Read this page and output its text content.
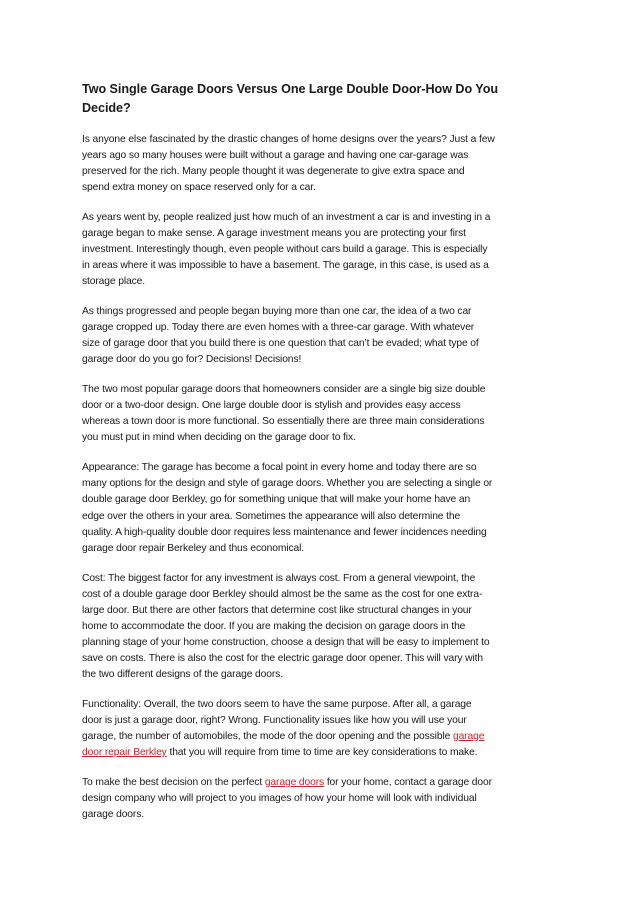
Two Single Garage Doors Versus One Large Double Door-How Do You
Decide?
Is anyone else fascinated by the drastic changes of home designs over the years? Just a few
years ago so many houses were built without a garage and having one car-garage was
preserved for the rich. Many people thought it was degenerate to give extra space and
spend extra money on space reserved only for a car.
As years went by, people realized just how much of an investment a car is and investing in a
garage began to make sense. A garage investment means you are protecting your first
investment. Interestingly though, even people without cars build a garage. This is especially
in areas where it was impossible to have a basement. The garage, in this case, is used as a
storage place.
As things progressed and people began buying more than one car, the idea of a two car
garage cropped up. Today there are even homes with a three-car garage. With whatever
size of garage door that you build there is one question that can’t be evaded; what type of
garage door do you go for? Decisions! Decisions!
The two most popular garage doors that homeowners consider are a single big size double
door or a two-door design. One large double door is stylish and provides easy access
whereas a town door is more functional. So essentially there are three main considerations
you must put in mind when deciding on the garage door to fix.
Appearance: The garage has become a focal point in every home and today there are so
many options for the design and style of garage doors. Whether you are selecting a single or
double garage door Berkley, go for something unique that will make your home have an
edge over the others in your area. Sometimes the appearance will also determine the
quality. A high-quality double door requires less maintenance and fewer incidences needing
garage door repair Berkeley and thus economical.
Cost: The biggest factor for any investment is always cost. From a general viewpoint, the
cost of a double garage door Berkley should almost be the same as the cost for one extra-
large door. But there are other factors that determine cost like structural changes in your
home to accommodate the door. If you are making the decision on garage doors in the
planning stage of your home construction, choose a design that will be easy to implement to
save on costs. There is also the cost for the electric garage door opener. This will vary with
the two different designs of the garage doors.
Functionality: Overall, the two doors seem to have the same purpose. After all, a garage
door is just a garage door, right? Wrong. Functionality issues like how you will use your
garage, the number of automobiles, the mode of the door opening and the possible garage
door repair Berkley that you will require from time to time are key considerations to make.
To make the best decision on the perfect garage doors for your home, contact a garage door
design company who will project to you images of how your home will look with individual
garage doors.
